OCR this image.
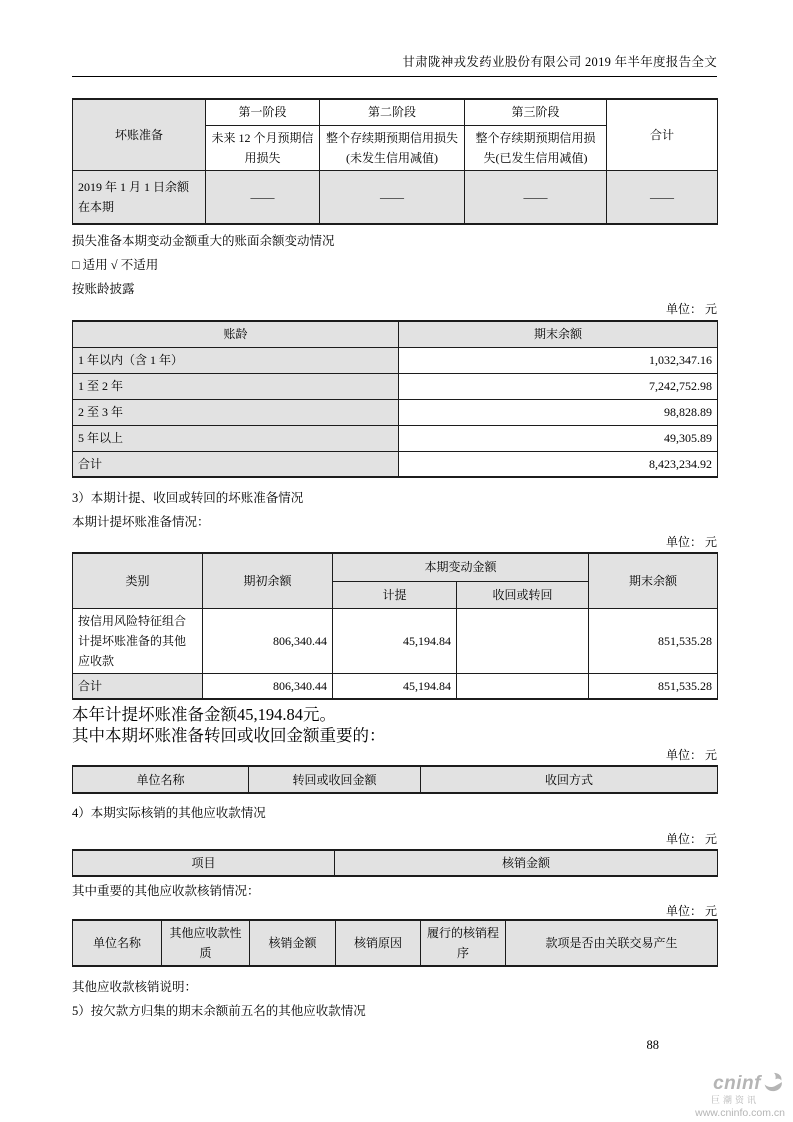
甘肃陇神戎发药业股份有限公司 2019 年半年度报告全文
坏账准备	第一阶段	第二阶段	第三阶段	合计
	未来 12 个月预期信用损失	整个存续期预期信用损失(未发生信用减值)	整个存续期预期信用损失(已发生信用减值)	
2019 年 1 月 1 日余额在本期	——	——	——	——
损失准备本期变动金额重大的账面余额变动情况
□ 适用 √ 不适用
按账龄披露
单位： 元
账龄	期末余额
1 年以内（含 1 年）	1,032,347.16
1 至 2 年	7,242,752.98
2 至 3 年	98,828.89
5 年以上	49,305.89
合计	8,423,234.92
3）本期计提、收回或转回的坏账准备情况
本期计提坏账准备情况：
单位： 元
类别	期初余额	本期变动金额		期末余额
		计提	收回或转回	
按信用风险特征组合计提坏账准备的其他应收款	806,340.44	45,194.84		851,535.28
合计	806,340.44	45,194.84		851,535.28
本年计提坏账准备金额45,194.84元。
其中本期坏账准备转回或收回金额重要的：
单位： 元
单位名称	转回或收回金额	收回方式
4）本期实际核销的其他应收款情况
单位： 元
项目	核销金额
其中重要的其他应收款核销情况：
单位： 元
单位名称	其他应收款性质	核销金额	核销原因	履行的核销程序	款项是否由关联交易产生
其他应收款核销说明：
5）按欠款方归集的期末余额前五名的其他应收款情况
88
cninf
巨潮资讯
www.cninfo.com.cn
